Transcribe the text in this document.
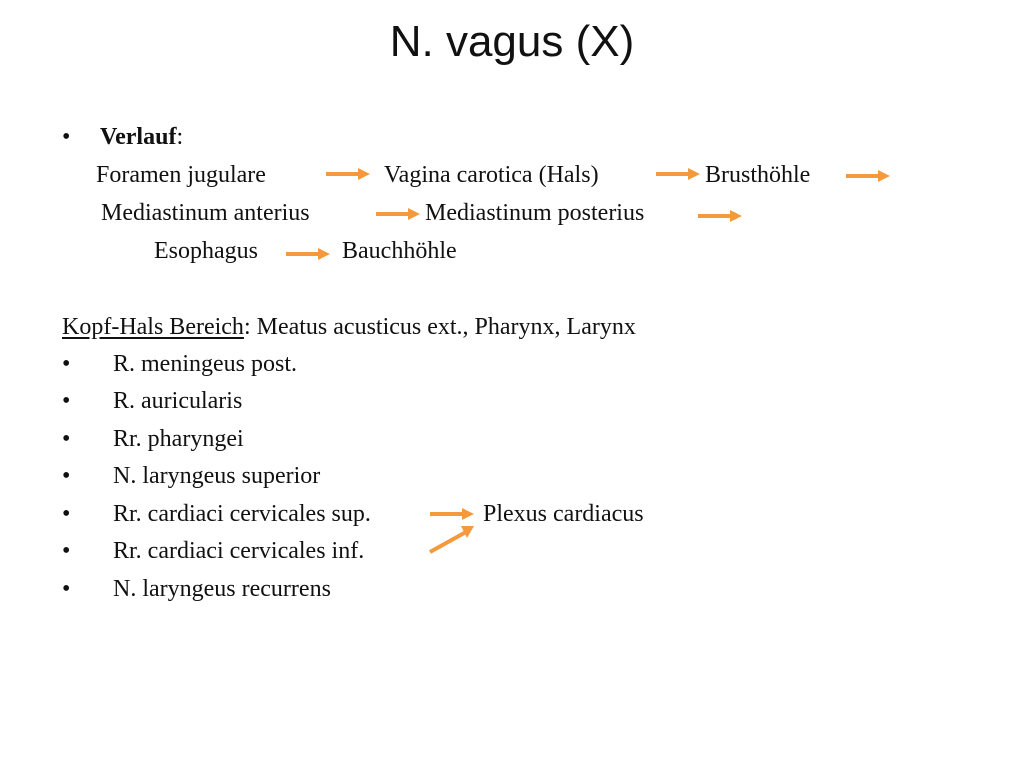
N. vagus (X)
• Verlauf:
Foramen jugulare	Vagina carotica (Hals)	Brusthöhle
Mediastinum anterius	Mediastinum posterius
Esophagus	Bauchhöhle
Kopf-Hals Bereich: Meatus acusticus ext., Pharynx, Larynx
• R. meningeus post.
• R. auricularis
• Rr. pharyngei
• N. laryngeus superior
• Rr. cardiaci cervicales sup.	Plexus cardiacus
• Rr. cardiaci cervicales inf.
• N. laryngeus recurrens
